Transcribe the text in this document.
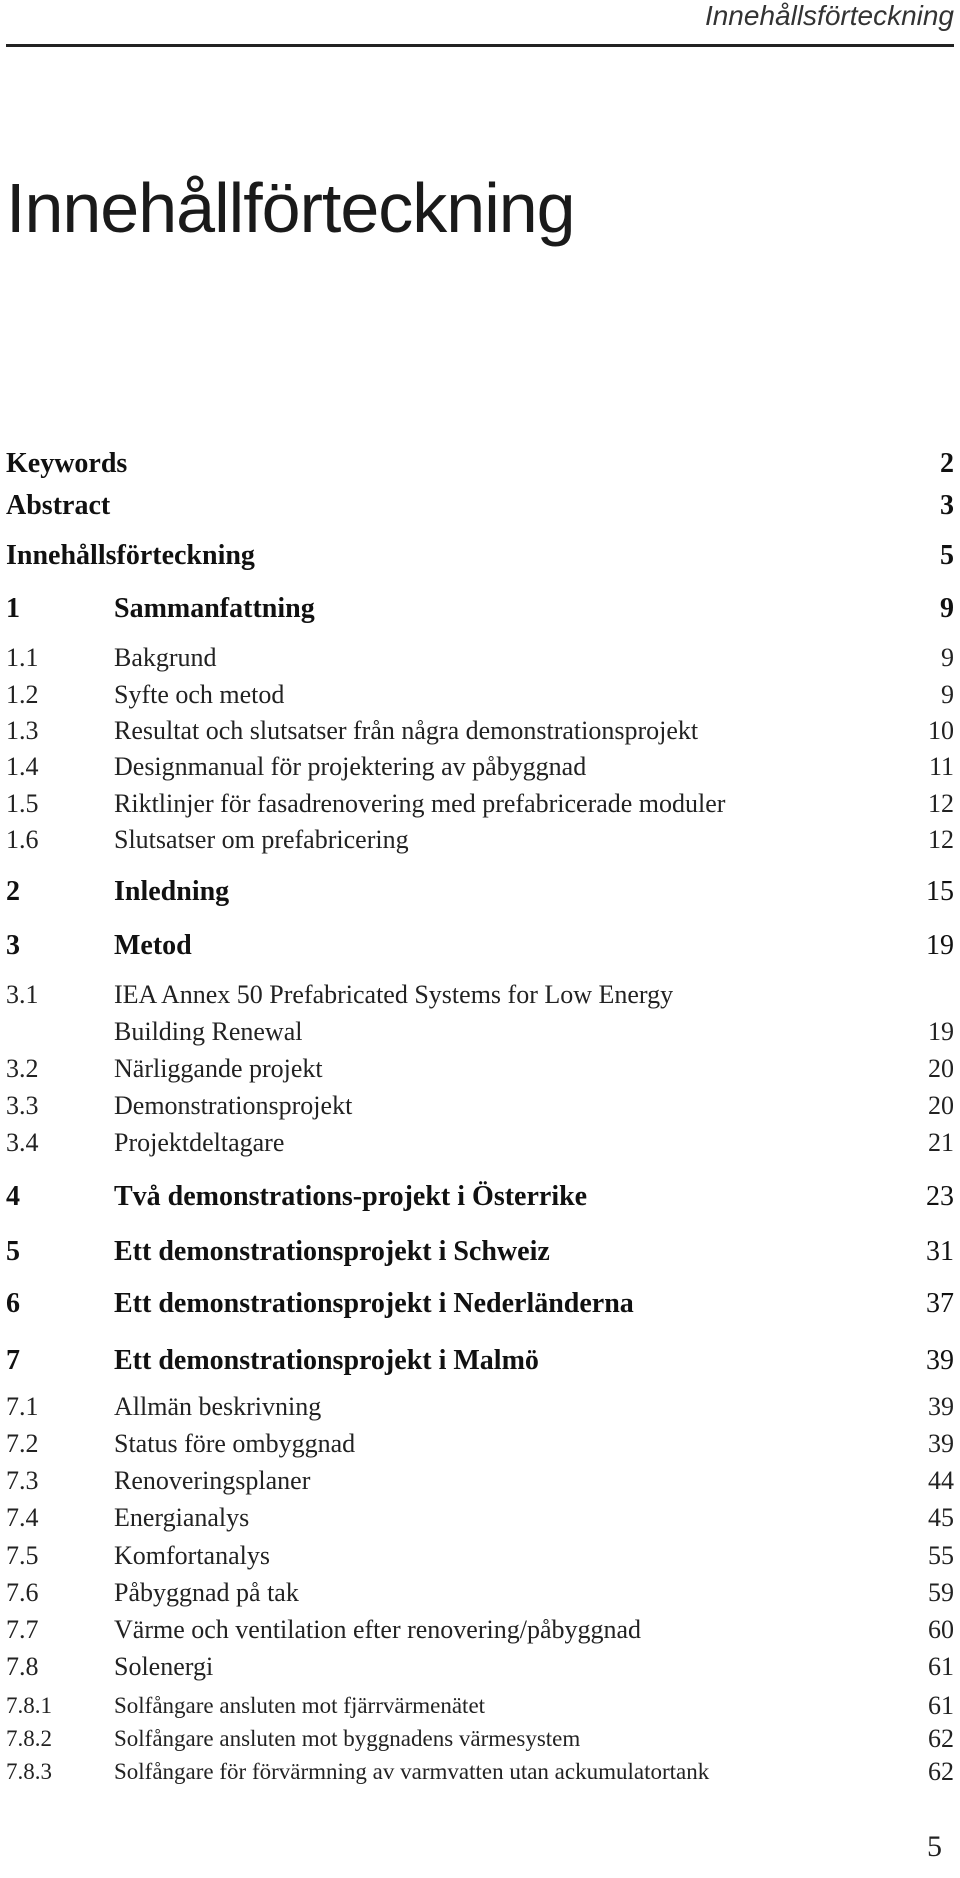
Innehållsförteckning
Innehållförteckning
Keywords	2
Abstract	3
Innehållsförteckning	5
1	Sammanfattning	9
1.1	Bakgrund	9
1.2	Syfte och metod	9
1.3	Resultat och slutsatser från några demonstrationsprojekt	10
1.4	Designmanual för projektering av påbyggnad	11
1.5	Riktlinjer för fasadrenovering med prefabricerade moduler	12
1.6	Slutsatser om prefabricering	12
2	Inledning	15
3	Metod	19
3.1	IEA Annex 50 Prefabricated Systems for Low Energy
Building Renewal	19
3.2	Närliggande projekt	20
3.3	Demonstrationsprojekt	20
3.4	Projektdeltagare	21
4	Två demonstrations-projekt i Österrike	23
5	Ett demonstrationsprojekt i Schweiz	31
6	Ett demonstrationsprojekt i Nederländerna	37
7	Ett demonstrationsprojekt i Malmö	39
7.1	Allmän beskrivning	39
7.2	Status före ombyggnad	39
7.3	Renoveringsplaner	44
7.4	Energianalys	45
7.5	Komfortanalys	55
7.6	Påbyggnad på tak	59
7.7	Värme och ventilation efter renovering/påbyggnad	60
7.8	Solenergi	61
7.8.1	Solfångare ansluten mot fjärrvärmenätet	61
7.8.2	Solfångare ansluten mot byggnadens värmesystem	62
7.8.3	Solfångare för förvärmning av varmvatten utan ackumulatortank	62
5
